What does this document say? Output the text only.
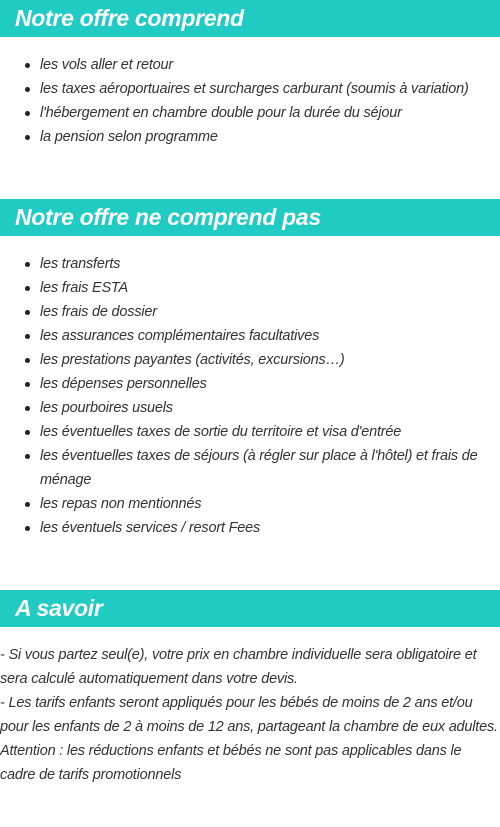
Notre offre comprend
les vols aller et retour
les taxes aéroportuaires et surcharges carburant (soumis à variation)
l'hébergement en chambre double pour la durée du séjour
la pension selon programme
Notre offre ne comprend pas
les transferts
les frais ESTA
les frais de dossier
les assurances complémentaires facultatives
les prestations payantes (activités, excursions…)
les dépenses personnelles
les pourboires usuels
les éventuelles taxes de sortie du territoire et visa d'entrée
les éventuelles taxes de séjours (à régler sur place à l'hôtel) et frais de ménage
les repas non mentionnés
les éventuels services / resort Fees
A savoir

- Si vous partez seul(e), votre prix en chambre individuelle sera obligatoire et sera calculé automatiquement dans votre devis.

- Les tarifs enfants seront appliqués pour les bébés de moins de 2 ans et/ou pour les enfants de 2 à moins de 12 ans, partageant la chambre de eux adultes.

Attention : les réductions enfants et bébés ne sont pas applicables dans le cadre de tarifs promotionnels
